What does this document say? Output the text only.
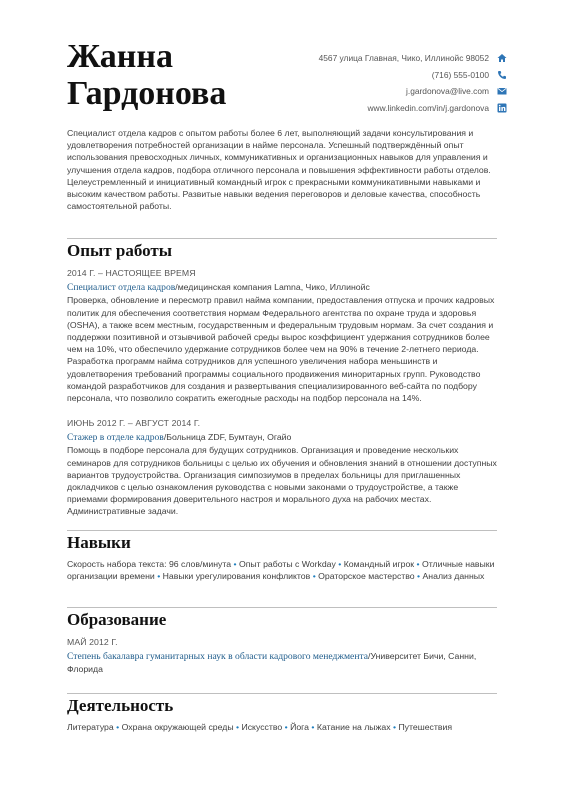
Жанна
Гардонова
4567 улица Главная, Чико, Иллинойс 98052
(716) 555-0100
j.gardonova@live.com
www.linkedin.com/in/j.gardonova

Специалист отдела кадров с опытом работы более 6 лет, выполняющий задачи консультирования и удовлетворения потребностей организации в найме персонала. Успешный подтверждённый опыт использования превосходных личных, коммуникативных и организационных навыков для управления и улучшения отдела кадров, подбора отличного персонала и повышения эффективности работы отделов. Целеустремленный и инициативный командный игрок с прекрасными коммуникативными навыками и высоким качеством работы. Развитые навыки ведения переговоров и деловые качества, способность самостоятельной работы.

Опыт работы
2014 Г. – НАСТОЯЩЕЕ ВРЕМЯ
Специалист отдела кадров/медицинская компания Lamna, Чико, Иллинойс

Проверка, обновление и пересмотр правил найма компании, предоставления отпуска и прочих кадровых политик для обеспечения соответствия нормам Федерального агентства по охране труда и здоровья (OSHA), а также всем местным, государственным и федеральным трудовым нормам. За счет создания и поддержки позитивной и отзывчивой рабочей среды вырос коэффициент удержания сотрудников более чем на 10%, что обеспечило удержание сотрудников более чем на 90% в течение 2-летнего периода. Разработка программ найма сотрудников для успешного увеличения набора меньшинств и удовлетворения требований программы социального продвижения миноритарных групп. Руководство командой разработчиков для создания и развертывания специализированного веб-сайта по подбору персонала, что позволило сократить ежегодные расходы на подбор персонала на 14%.

ИЮНЬ 2012 Г. – АВГУСТ 2014 Г.
Стажер в отделе кадров/Больница ZDF, Бумтаун, Огайо

Помощь в подборе персонала для будущих сотрудников. Организация и проведение нескольких семинаров для сотрудников больницы с целью их обучения и обновления знаний в отношении доступных вариантов трудоустройства. Организация симпозиумов в пределах больницы для приглашенных докладчиков с целью ознакомления руководства с новыми законами о трудоустройстве, а также приемами формирования доверительного настроя и морального духа на рабочих местах. Административные задачи.

Навыки
Скорость набора текста: 96 слов/минута • Опыт работы с Workday • Командный игрок • Отличные навыки организации времени • Навыки урегулирования конфликтов • Ораторское мастерство • Анализ данных
Образование
МАЙ 2012 Г.
Степень бакалавра гуманитарных наук в области кадрового менеджмента/Университет Бичи, Санни, Флорида
Деятельность
Литература • Охрана окружающей среды • Искусство • Йога • Катание на лыжах • Путешествия
